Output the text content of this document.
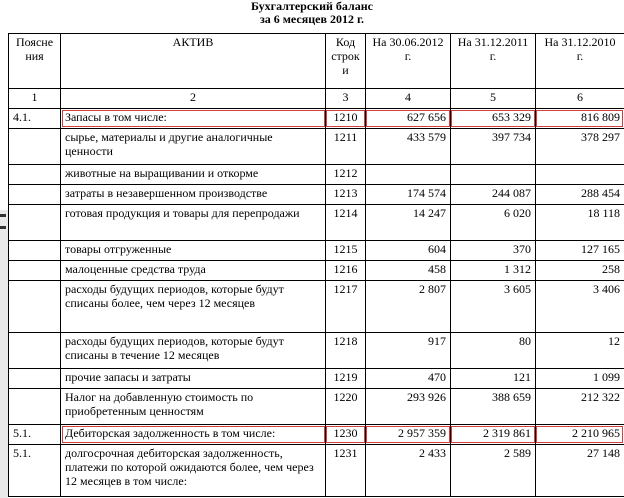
Бухгалтерский баланс
за 6 месяцев 2012 г.
Поясне ния	АКТИВ	Код строк и	На 30.06.2012 г.	На 31.12.2011 г.	На 31.12.2010 г.
1	2	3	4	5	6
4.1.	Запасы в том числе:	1210	627 656	653 329	816 809
	сырье, материалы и другие аналогичные ценности	1211	433 579	397 734	378 297
	животные на выращивании и откорме	1212			
	затраты в незавершенном производстве	1213	174 574	244 087	288 454
	готовая продукция и товары для перепродажи	1214	14 247	6 020	18 118
	товары отгруженные	1215	604	370	127 165
	малоценные средства труда	1216	458	1 312	258
	расходы будущих периодов, которые будут списаны более, чем через 12 месяцев	1217	2 807	3 605	3 406
	расходы будущих периодов, которые будут списаны в течение 12 месяцев	1218	917	80	12
	прочие запасы и затраты	1219	470	121	1 099
	Налог на добавленную стоимость по приобретенным ценностям	1220	293 926	388 659	212 322
5.1.	Дебиторская задолженность в том числе:	1230	2 957 359	2 319 861	2 210 965
5.1.	долгосрочная дебиторская задолженность, платежи по которой ожидаются более, чем через 12 месяцев в том числе:	1231	2 433	2 589	27 148
